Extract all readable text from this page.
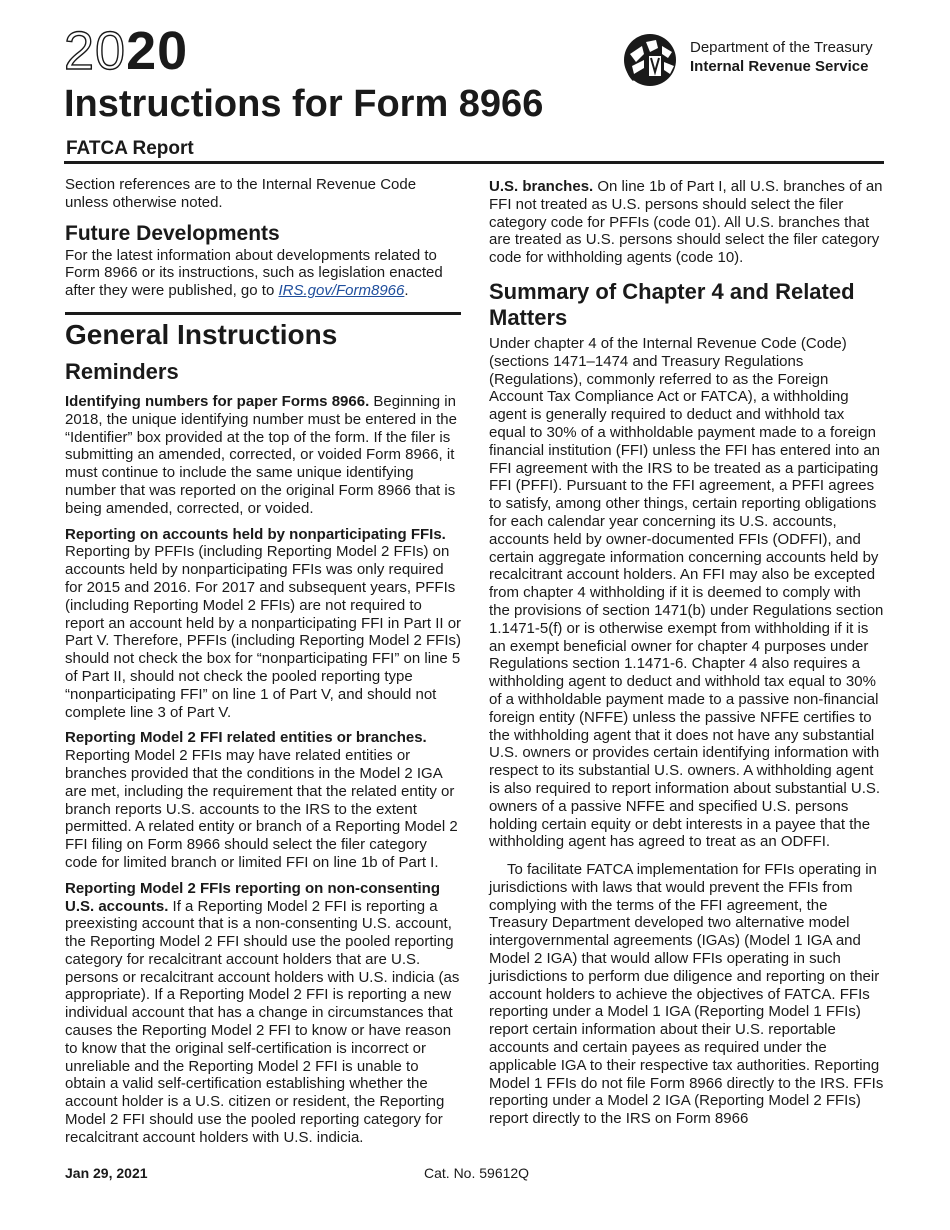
2020
Instructions for Form 8966
FATCA Report
Department of the Treasury
Internal Revenue Service

Section references are to the Internal Revenue Code unless otherwise noted.

Future Developments

For the latest information about developments related to Form 8966 or its instructions, such as legislation enacted after they were published, go to IRS.gov/Form8966.

General Instructions
Reminders

Identifying numbers for paper Forms 8966. Beginning in 2018, the unique identifying number must be entered in the “Identifier” box provided at the top of the form. If the filer is submitting an amended, corrected, or voided Form 8966, it must continue to include the same unique identifying number that was reported on the original Form 8966 that is being amended, corrected, or voided.

Reporting on accounts held by nonparticipating FFIs. Reporting by PFFIs (including Reporting Model 2 FFIs) on accounts held by nonparticipating FFIs was only required for 2015 and 2016. For 2017 and subsequent years, PFFIs (including Reporting Model 2 FFIs) are not required to report an account held by a nonparticipating FFI in Part II or Part V. Therefore, PFFIs (including Reporting Model 2 FFIs) should not check the box for “nonparticipating FFI” on line 5 of Part II, should not check the pooled reporting type “nonparticipating FFI” on line 1 of Part V, and should not complete line 3 of Part V.

Reporting Model 2 FFI related entities or branches. Reporting Model 2 FFIs may have related entities or branches provided that the conditions in the Model 2 IGA are met, including the requirement that the related entity or branch reports U.S. accounts to the IRS to the extent permitted. A related entity or branch of a Reporting Model 2 FFI filing on Form 8966 should select the filer category code for limited branch or limited FFI on line 1b of Part I.

Reporting Model 2 FFIs reporting on non-consenting U.S. accounts. If a Reporting Model 2 FFI is reporting a preexisting account that is a non-consenting U.S. account, the Reporting Model 2 FFI should use the pooled reporting category for recalcitrant account holders that are U.S. persons or recalcitrant account holders with U.S. indicia (as appropriate). If a Reporting Model 2 FFI is reporting a new individual account that has a change in circumstances that causes the Reporting Model 2 FFI to know or have reason to know that the original self-certification is incorrect or unreliable and the Reporting Model 2 FFI is unable to obtain a valid self-certification establishing whether the account holder is a U.S. citizen or resident, the Reporting Model 2 FFI should use the pooled reporting category for recalcitrant account holders with U.S. indicia.

U.S. branches. On line 1b of Part I, all U.S. branches of an FFI not treated as U.S. persons should select the filer category code for PFFIs (code 01). All U.S. branches that are treated as U.S. persons should select the filer category code for withholding agents (code 10).

Summary of Chapter 4 and Related Matters

Under chapter 4 of the Internal Revenue Code (Code) (sections 1471–1474 and Treasury Regulations (Regulations), commonly referred to as the Foreign Account Tax Compliance Act or FATCA), a withholding agent is generally required to deduct and withhold tax equal to 30% of a withholdable payment made to a foreign financial institution (FFI) unless the FFI has entered into an FFI agreement with the IRS to be treated as a participating FFI (PFFI). Pursuant to the FFI agreement, a PFFI agrees to satisfy, among other things, certain reporting obligations for each calendar year concerning its U.S. accounts, accounts held by owner-documented FFIs (ODFFI), and certain aggregate information concerning accounts held by recalcitrant account holders. An FFI may also be excepted from chapter 4 withholding if it is deemed to comply with the provisions of section 1471(b) under Regulations section 1.1471-5(f) or is otherwise exempt from withholding if it is an exempt beneficial owner for chapter 4 purposes under Regulations section 1.1471-6. Chapter 4 also requires a withholding agent to deduct and withhold tax equal to 30% of a withholdable payment made to a passive non-financial foreign entity (NFFE) unless the passive NFFE certifies to the withholding agent that it does not have any substantial U.S. owners or provides certain identifying information with respect to its substantial U.S. owners. A withholding agent is also required to report information about substantial U.S. owners of a passive NFFE and specified U.S. persons holding certain equity or debt interests in a payee that the withholding agent has agreed to treat as an ODFFI.

To facilitate FATCA implementation for FFIs operating in jurisdictions with laws that would prevent the FFIs from complying with the terms of the FFI agreement, the Treasury Department developed two alternative model intergovernmental agreements (IGAs) (Model 1 IGA and Model 2 IGA) that would allow FFIs operating in such jurisdictions to perform due diligence and reporting on their account holders to achieve the objectives of FATCA. FFIs reporting under a Model 1 IGA (Reporting Model 1 FFIs) report certain information about their U.S. reportable accounts and certain payees as required under the applicable IGA to their respective tax authorities. Reporting Model 1 FFIs do not file Form 8966 directly to the IRS. FFIs reporting under a Model 2 IGA (Reporting Model 2 FFIs) report directly to the IRS on Form 8966

Jan 29, 2021	Cat. No. 59612Q
